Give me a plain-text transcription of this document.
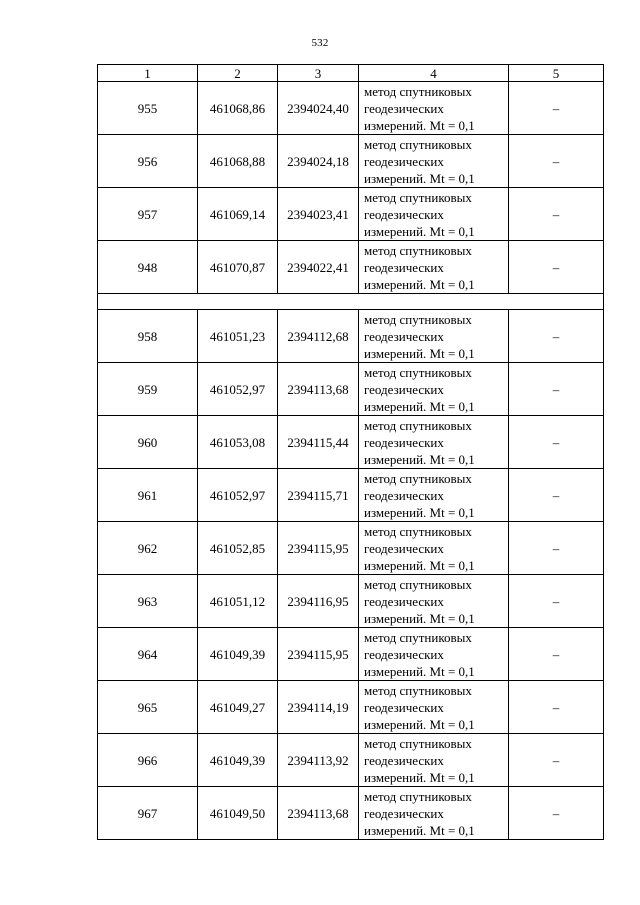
532
1	2	3	4	5
955	461068,86	2394024,40	метод спутниковых
геодезических
измерений. Mt = 0,1	–
956	461068,88	2394024,18	метод спутниковых
геодезических
измерений. Mt = 0,1	–
957	461069,14	2394023,41	метод спутниковых
геодезических
измерений. Mt = 0,1	–
948	461070,87	2394022,41	метод спутниковых
геодезических
измерений. Mt = 0,1	–

958	461051,23	2394112,68	метод спутниковых
геодезических
измерений. Mt = 0,1	–
959	461052,97	2394113,68	метод спутниковых
геодезических
измерений. Mt = 0,1	–
960	461053,08	2394115,44	метод спутниковых
геодезических
измерений. Mt = 0,1	–
961	461052,97	2394115,71	метод спутниковых
геодезических
измерений. Mt = 0,1	–
962	461052,85	2394115,95	метод спутниковых
геодезических
измерений. Mt = 0,1	–
963	461051,12	2394116,95	метод спутниковых
геодезических
измерений. Mt = 0,1	–
964	461049,39	2394115,95	метод спутниковых
геодезических
измерений. Mt = 0,1	–
965	461049,27	2394114,19	метод спутниковых
геодезических
измерений. Mt = 0,1	–
966	461049,39	2394113,92	метод спутниковых
геодезических
измерений. Mt = 0,1	–
967	461049,50	2394113,68	метод спутниковых
геодезических
измерений. Mt = 0,1	–
